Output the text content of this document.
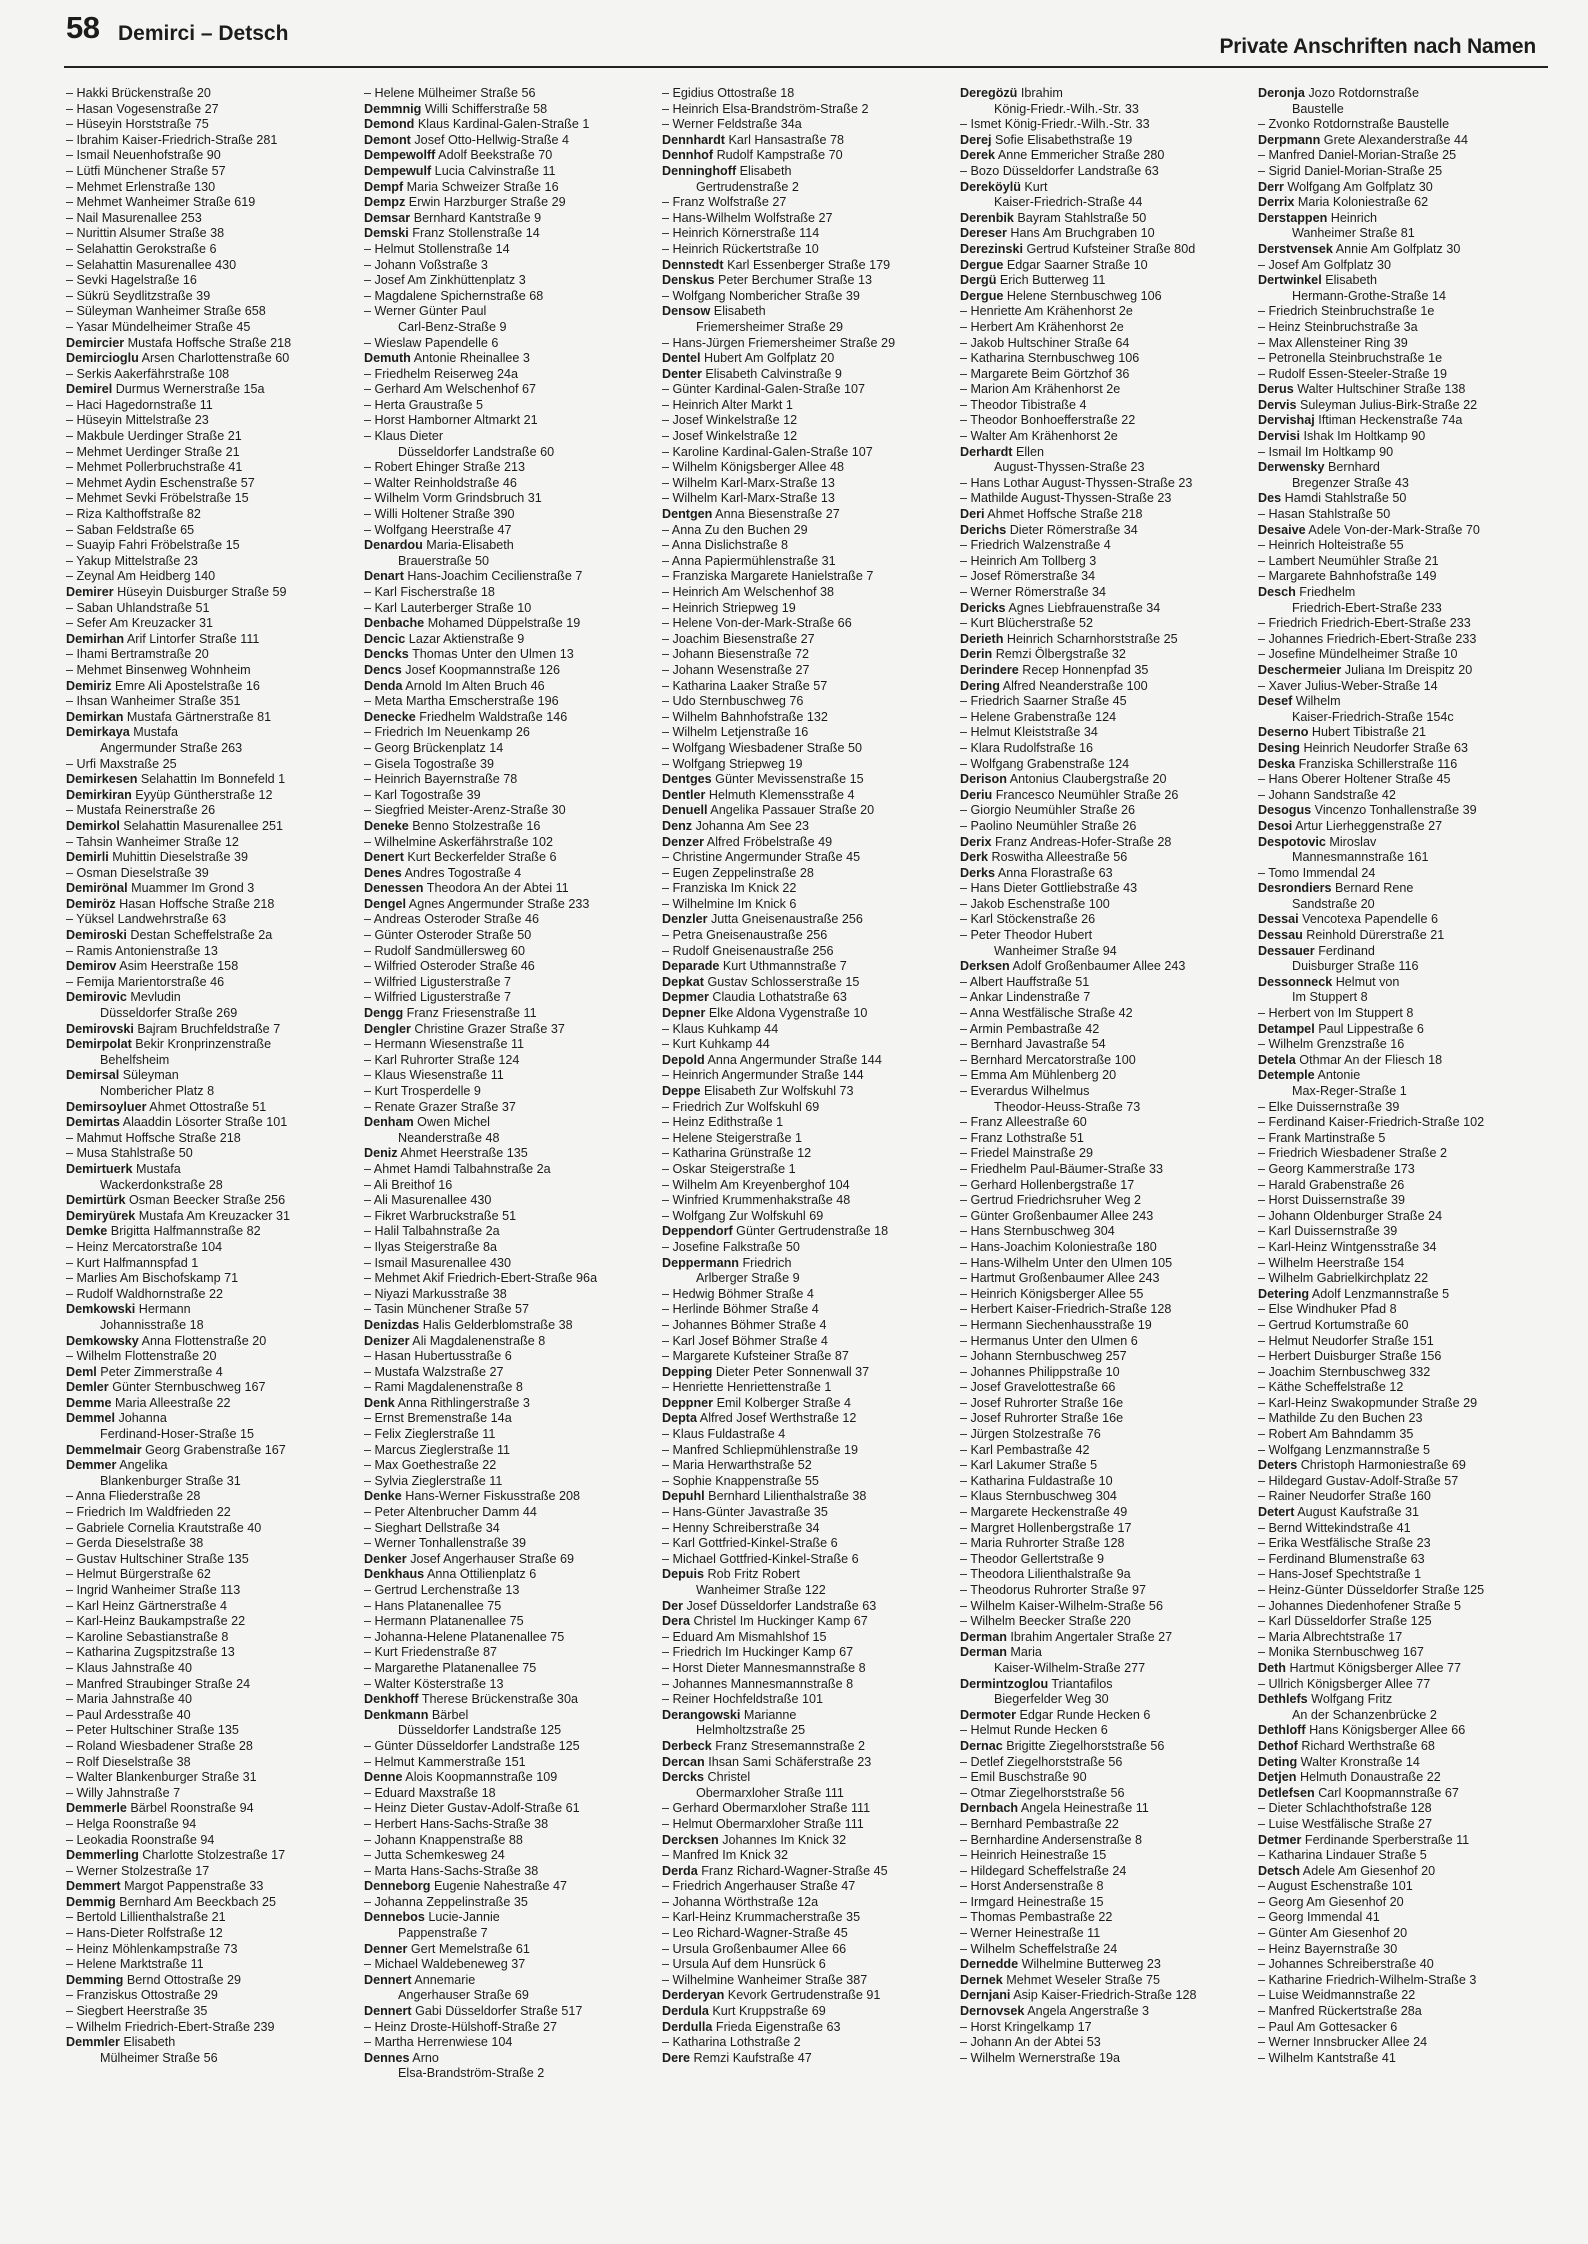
58 Demirci – Detsch
Private Anschriften nach Namen
– Hakki Brückenstraße 20
– Hasan Vogesenstraße 27
– Hüseyin Horststraße 75
– Ibrahim Kaiser-Friedrich-Straße 281
– Ismail Neuenhofstraße 90
– Lütfi Münchener Straße 57
– Mehmet Erlenstraße 130
– Mehmet Wanheimer Straße 619
– Nail Masurenallee 253
– Nurittin Alsumer Straße 38
– Selahattin Gerokstraße 6
– Selahattin Masurenallee 430
– Sevki Hagelstraße 16
– Sükrü Seydlitzstraße 39
– Süleyman Wanheimer Straße 658
– Yasar Mündelheimer Straße 45
Demircier Mustafa Hoffsche Straße 218
Demircioglu Arsen Charlottenstraße 60
– Serkis Aakerfährstraße 108
Demirel Durmus Wernerstraße 15a
– Haci Hagedornstraße 11
– Hüseyin Mittelstraße 23
– Makbule Uerdinger Straße 21
– Mehmet Uerdinger Straße 21
– Mehmet Pollerbruchstraße 41
– Mehmet Aydin Eschenstraße 57
– Mehmet Sevki Fröbelstraße 15
– Riza Kalthoffstraße 82
– Saban Feldstraße 65
– Suayip Fahri Fröbelstraße 15
– Yakup Mittelstraße 23
– Zeynal Am Heidberg 140
Demirer Hüseyin Duisburger Straße 59
– Saban Uhlandstraße 51
– Sefer Am Kreuzacker 31
Demirhan Arif Lintorfer Straße 111
– Ihami Bertramstraße 20
– Mehmet Binsenweg Wohnheim
Demiriz Emre Ali Apostelstraße 16
– Ihsan Wanheimer Straße 351
Demirkan Mustafa Gärtnerstraße 81
Demirkaya Mustafa
Angermunder Straße 263
– Urfi Maxstraße 25
Demirkesen Selahattin Im Bonnefeld 1
Demirkiran Eyyüp Güntherstraße 12
– Mustafa Reinerstraße 26
Demirkol Selahattin Masurenallee 251
– Tahsin Wanheimer Straße 12
Demirli Muhittin Dieselstraße 39
– Osman Dieselstraße 39
Demirönal Muammer Im Grond 3
Demiröz Hasan Hoffsche Straße 218
– Yüksel Landwehrstraße 63
Demiroski Destan Scheffelstraße 2a
– Ramis Antonienstraße 13
Demirov Asim Heerstraße 158
– Femija Marientorstraße 46
Demirovic Mevludin
Düsseldorfer Straße 269
Demirovski Bajram Bruchfeldstraße 7
Demirpolat Bekir Kronprinzenstraße
Behelfsheim
Demirsal Süleyman
Nombericher Platz 8
Demirsoyluer Ahmet Ottostraße 51
Demirtas Alaaddin Lösorter Straße 101
– Mahmut Hoffsche Straße 218
– Musa Stahlstraße 50
Demirtuerk Mustafa
Wackerdonkstraße 28
Demirtürk Osman Beecker Straße 256
Demiryürek Mustafa Am Kreuzacker 31
Demke Brigitta Halfmannstraße 82
– Heinz Mercatorstraße 104
– Kurt Halfmannspfad 1
– Marlies Am Bischofskamp 71
– Rudolf Waldhornstraße 22
Demkowski Hermann
Johannisstraße 18
Demkowsky Anna Flottenstraße 20
– Wilhelm Flottenstraße 20
Deml Peter Zimmerstraße 4
Demler Günter Sternbuschweg 167
Demme Maria Alleestraße 22
Demmel Johanna
Ferdinand-Hoser-Straße 15
Demmelmair Georg Grabenstraße 167
Demmer Angelika
Blankenburger Straße 31
– Anna Fliederstraße 28
– Friedrich Im Waldfrieden 22
– Gabriele Cornelia Krautstraße 40
– Gerda Dieselstraße 38
– Gustav Hultschiner Straße 135
– Helmut Bürgerstraße 62
– Ingrid Wanheimer Straße 113
– Karl Heinz Gärtnerstraße 4
– Karl-Heinz Baukampstraße 22
– Karoline Sebastianstraße 8
– Katharina Zugspitzstraße 13
– Klaus Jahnstraße 40
– Manfred Straubinger Straße 24
– Maria Jahnstraße 40
– Paul Ardesstraße 40
– Peter Hultschiner Straße 135
– Roland Wiesbadener Straße 28
– Rolf Dieselstraße 38
– Walter Blankenburger Straße 31
– Willy Jahnstraße 7
Demmerle Bärbel Roonstraße 94
– Helga Roonstraße 94
– Leokadia Roonstraße 94
Demmerling Charlotte Stolzestraße 17
– Werner Stolzestraße 17
Demmert Margot Pappenstraße 33
Demmig Bernhard Am Beeckbach 25
– Bertold Lillienthalstraße 21
– Hans-Dieter Rolfstraße 12
– Heinz Möhlenkampstraße 73
– Helene Marktstraße 11
Demming Bernd Ottostraße 29
– Franziskus Ottostraße 29
– Siegbert Heerstraße 35
– Wilhelm Friedrich-Ebert-Straße 239
Demmler Elisabeth
Mülheimer Straße 56
– Helene Mülheimer Straße 56
Demmnig Willi Schifferstraße 58
Demond Klaus Kardinal-Galen-Straße 1
Demont Josef Otto-Hellwig-Straße 4
Dempewolff Adolf Beekstraße 70
Dempewulf Lucia Calvinstraße 11
Dempf Maria Schweizer Straße 16
Dempz Erwin Harzburger Straße 29
Demsar Bernhard Kantstraße 9
Demski Franz Stollenstraße 14
– Helmut Stollenstraße 14
– Johann Voßstraße 3
– Josef Am Zinkhüttenplatz 3
– Magdalene Spichernstraße 68
– Werner Günter Paul
Carl-Benz-Straße 9
– Wieslaw Papendelle 6
Demuth Antonie Rheinallee 3
– Friedhelm Reiserweg 24a
– Gerhard Am Welschenhof 67
– Herta Graustraße 5
– Horst Hamborner Altmarkt 21
– Klaus Dieter
Düsseldorfer Landstraße 60
– Robert Ehinger Straße 213
– Walter Reinholdstraße 46
– Wilhelm Vorm Grindsbruch 31
– Willi Holtener Straße 390
– Wolfgang Heerstraße 47
Denardou Maria-Elisabeth
Brauerstraße 50
Denart Hans-Joachim Cecilienstraße 7
– Karl Fischerstraße 18
– Karl Lauterberger Straße 10
Denbache Mohamed Düppelstraße 19
Dencic Lazar Aktienstraße 9
Dencks Thomas Unter den Ulmen 13
Dencs Josef Koopmannstraße 126
Denda Arnold Im Alten Bruch 46
– Meta Martha Emscherstraße 196
Denecke Friedhelm Waldstraße 146
– Friedrich Im Neuenkamp 26
– Georg Brückenplatz 14
– Gisela Togostraße 39
– Heinrich Bayernstraße 78
– Karl Togostraße 39
– Siegfried Meister-Arenz-Straße 30
Deneke Benno Stolzestraße 16
– Wilhelmine Askerfährstraße 102
Denert Kurt Beckerfelder Straße 6
Denes Andres Togostraße 4
Denessen Theodora An der Abtei 11
Dengel Agnes Angermunder Straße 233
– Andreas Osteroder Straße 46
– Günter Osteroder Straße 50
– Rudolf Sandmüllersweg 60
– Wilfried Osteroder Straße 46
– Wilfried Ligusterstraße 7
– Wilfried Ligusterstraße 7
Dengg Franz Friesenstraße 11
Dengler Christine Grazer Straße 37
– Hermann Wiesenstraße 11
– Karl Ruhrorter Straße 124
– Klaus Wiesenstraße 11
– Kurt Trosperdelle 9
– Renate Grazer Straße 37
Denham Owen Michel
Neanderstraße 48
Deniz Ahmet Heerstraße 135
– Ahmet Hamdi Talbahnstraße 2a
– Ali Breithof 16
– Ali Masurenallee 430
– Fikret Warbruckstraße 51
– Halil Talbahnstraße 2a
– Ilyas Steigerstraße 8a
– Ismail Masurenallee 430
– Mehmet Akif Friedrich-Ebert-Straße 96a
– Niyazi Markusstraße 38
– Tasin Münchener Straße 57
Denizdas Halis Gelderblomstraße 38
Denizer Ali Magdalenenstraße 8
– Hasan Hubertusstraße 6
– Mustafa Walzstraße 27
– Rami Magdalenenstraße 8
Denk Anna Rithlingerstraße 3
– Ernst Bremenstraße 14a
– Felix Zieglerstraße 11
– Marcus Zieglerstraße 11
– Max Goethestraße 22
– Sylvia Zieglerstraße 11
Denke Hans-Werner Fiskusstraße 208
– Peter Altenbrucher Damm 44
– Sieghart Dellstraße 34
– Werner Tonhallenstraße 39
Denker Josef Angerhauser Straße 69
Denkhaus Anna Ottilienplatz 6
– Gertrud Lerchenstraße 13
– Hans Platanenallee 75
– Hermann Platanenallee 75
– Johanna-Helene Platanenallee 75
– Kurt Friedenstraße 87
– Margarethe Platanenallee 75
– Walter Kösterstraße 13
Denkhoff Therese Brückenstraße 30a
Denkmann Bärbel
Düsseldorfer Landstraße 125
– Günter Düsseldorfer Landstraße 125
– Helmut Kammerstraße 151
Denne Alois Koopmannstraße 109
– Eduard Maxstraße 18
– Heinz Dieter Gustav-Adolf-Straße 61
– Herbert Hans-Sachs-Straße 38
– Johann Knappenstraße 88
– Jutta Schemkesweg 24
– Marta Hans-Sachs-Straße 38
Denneborg Eugenie Nahestraße 47
– Johanna Zeppelinstraße 35
Dennebos Lucie-Jannie
Pappenstraße 7
Denner Gert Memelstraße 61
– Michael Waldebeneweg 37
Dennert Annemarie
Angerhauser Straße 69
Dennert Gabi Düsseldorfer Straße 517
– Heinz Droste-Hülshoff-Straße 27
– Martha Herrenwiese 104
Dennes Arno
Elsa-Brandström-Straße 2
– Egidius Ottostraße 18
– Heinrich Elsa-Brandström-Straße 2
– Werner Feldstraße 34a
Dennhardt Karl Hansastraße 78
Dennhof Rudolf Kampstraße 70
Denninghoff Elisabeth
Gertrudenstraße 2
– Franz Wolfstraße 27
– Hans-Wilhelm Wolfstraße 27
– Heinrich Körnerstraße 114
– Heinrich Rückertstraße 10
Dennstedt Karl Essenberger Straße 179
Denskus Peter Berchumer Straße 13
– Wolfgang Nombericher Straße 39
Densow Elisabeth
Friemersheimer Straße 29
– Hans-Jürgen Friemersheimer Straße 29
Dentel Hubert Am Golfplatz 20
Denter Elisabeth Calvinstraße 9
– Günter Kardinal-Galen-Straße 107
– Heinrich Alter Markt 1
– Josef Winkelstraße 12
– Josef Winkelstraße 12
– Karoline Kardinal-Galen-Straße 107
– Wilhelm Königsberger Allee 48
– Wilhelm Karl-Marx-Straße 13
– Wilhelm Karl-Marx-Straße 13
Dentgen Anna Biesenstraße 27
– Anna Zu den Buchen 29
– Anna Dislichstraße 8
– Anna Papiermühlenstraße 31
– Franziska Margarete Hanielstraße 7
– Heinrich Am Welschenhof 38
– Heinrich Striepweg 19
– Helene Von-der-Mark-Straße 66
– Joachim Biesenstraße 27
– Johann Biesenstraße 72
– Johann Wesenstraße 27
– Katharina Laaker Straße 57
– Udo Sternbuschweg 76
– Wilhelm Bahnhofstraße 132
– Wilhelm Letjenstraße 16
– Wolfgang Wiesbadener Straße 50
– Wolfgang Striepweg 19
Dentges Günter Mevissenstraße 15
Dentler Helmuth Klemensstraße 4
Denuell Angelika Passauer Straße 20
Denz Johanna Am See 23
Denzer Alfred Fröbelstraße 49
– Christine Angermunder Straße 45
– Eugen Zeppelinstraße 28
– Franziska Im Knick 22
– Wilhelmine Im Knick 6
Denzler Jutta Gneisenaustraße 256
– Petra Gneisenaustraße 256
– Rudolf Gneisenaustraße 256
Deparade Kurt Uthmannstraße 7
Depkat Gustav Schlosserstraße 15
Depmer Claudia Lothatstraße 63
Depner Elke Aldona Vygenstraße 10
– Klaus Kuhkamp 44
– Kurt Kuhkamp 44
Depold Anna Angermunder Straße 144
– Heinrich Angermunder Straße 144
Deppe Elisabeth Zur Wolfskuhl 73
– Friedrich Zur Wolfskuhl 69
– Heinz Edithstraße 1
– Helene Steigerstraße 1
– Katharina Grünstraße 12
– Oskar Steigerstraße 1
– Wilhelm Am Kreyenberghof 104
– Winfried Krummenhakstraße 48
– Wolfgang Zur Wolfskuhl 69
Deppendorf Günter Gertrudenstraße 18
– Josefine Falkstraße 50
Deppermann Friedrich
Arlberger Straße 9
– Hedwig Böhmer Straße 4
– Herlinde Böhmer Straße 4
– Johannes Böhmer Straße 4
– Karl Josef Böhmer Straße 4
– Margarete Kufsteiner Straße 87
Depping Dieter Peter Sonnenwall 37
– Henriette Henriettenstraße 1
Deppner Emil Kolberger Straße 4
Depta Alfred Josef Werthstraße 12
– Klaus Fuldastraße 4
– Manfred Schliepmühlenstraße 19
– Maria Herwarthstraße 52
– Sophie Knappenstraße 55
Depuhl Bernhard Lilienthalstraße 38
– Hans-Günter Javastraße 35
– Henny Schreiberstraße 34
– Karl Gottfried-Kinkel-Straße 6
– Michael Gottfried-Kinkel-Straße 6
Depuis Rob Fritz Robert
Wanheimer Straße 122
Der Josef Düsseldorfer Landstraße 63
Dera Christel Im Huckinger Kamp 67
– Eduard Am Mismahlshof 15
– Friedrich Im Huckinger Kamp 67
– Horst Dieter Mannesmannstraße 8
– Johannes Mannesmannstraße 8
– Reiner Hochfeldstraße 101
Derangowski Marianne
Helmholtzstraße 25
Derbeck Franz Stresemannstraße 2
Dercan Ihsan Sami Schäferstraße 23
Dercks Christel
Obermarxloher Straße 111
– Gerhard Obermarxloher Straße 111
– Helmut Obermarxloher Straße 111
Dercksen Johannes Im Knick 32
– Manfred Im Knick 32
Derda Franz Richard-Wagner-Straße 45
– Friedrich Angerhauser Straße 47
– Johanna Wörthstraße 12a
– Karl-Heinz Krummacherstraße 35
– Leo Richard-Wagner-Straße 45
– Ursula Großenbaumer Allee 66
– Ursula Auf dem Hunsrück 6
– Wilhelmine Wanheimer Straße 387
Derderyan Kevork Gertrudenstraße 91
Derdula Kurt Kruppstraße 69
Derdulla Frieda Eigenstraße 63
– Katharina Lothstraße 2
Dere Remzi Kaufstraße 47
Deregözü Ibrahim
König-Friedr.-Wilh.-Str. 33
– Ismet König-Friedr.-Wilh.-Str. 33
Derej Sofie Elisabethstraße 19
Derek Anne Emmericher Straße 280
– Bozo Düsseldorfer Landstraße 63
Dereköylü Kurt
Kaiser-Friedrich-Straße 44
Derenbik Bayram Stahlstraße 50
Dereser Hans Am Bruchgraben 10
Derezinski Gertrud Kufsteiner Straße 80d
Dergue Edgar Saarner Straße 10
Dergü Erich Butterweg 11
Dergue Helene Sternbuschweg 106
– Henriette Am Krähenhorst 2e
– Herbert Am Krähenhorst 2e
– Jakob Hultschiner Straße 64
– Katharina Sternbuschweg 106
– Margarete Beim Görtzhof 36
– Marion Am Krähenhorst 2e
– Theodor Tibistraße 4
– Theodor Bonhoefferstraße 22
– Walter Am Krähenhorst 2e
Derhardt Ellen
August-Thyssen-Straße 23
– Hans Lothar August-Thyssen-Straße 23
– Mathilde August-Thyssen-Straße 23
Deri Ahmet Hoffsche Straße 218
Derichs Dieter Römerstraße 34
– Friedrich Walzenstraße 4
– Heinrich Am Tollberg 3
– Josef Römerstraße 34
– Werner Römerstraße 34
Dericks Agnes Liebfrauenstraße 34
– Kurt Blücherstraße 52
Derieth Heinrich Scharnhorststraße 25
Derin Remzi Ölbergstraße 32
Derindere Recep Honnenpfad 35
Dering Alfred Neanderstraße 100
– Friedrich Saarner Straße 45
– Helene Grabenstraße 124
– Helmut Kleiststraße 34
– Klara Rudolfstraße 16
– Wolfgang Grabenstraße 124
Derison Antonius Claubergstraße 20
Deriu Francesco Neumühler Straße 26
– Giorgio Neumühler Straße 26
– Paolino Neumühler Straße 26
Derix Franz Andreas-Hofer-Straße 28
Derk Roswitha Alleestraße 56
Derks Anna Florastraße 63
– Hans Dieter Gottliebstraße 43
– Jakob Eschenstraße 100
– Karl Stöckenstraße 26
– Peter Theodor Hubert
Wanheimer Straße 94
Derksen Adolf Großenbaumer Allee 243
– Albert Hauffstraße 51
– Ankar Lindenstraße 7
– Anna Westfälische Straße 42
– Armin Pembastraße 42
– Bernhard Javastraße 54
– Bernhard Mercatorstraße 100
– Emma Am Mühlenberg 20
– Everardus Wilhelmus
Theodor-Heuss-Straße 73
– Franz Alleestraße 60
– Franz Lothstraße 51
– Friedel Mainstraße 29
– Friedhelm Paul-Bäumer-Straße 33
– Gerhard Hollenbergstraße 17
– Gertrud Friedrichsruher Weg 2
– Günter Großenbaumer Allee 243
– Hans Sternbuschweg 304
– Hans-Joachim Koloniestraße 180
– Hans-Wilhelm Unter den Ulmen 105
– Hartmut Großenbaumer Allee 243
– Heinrich Königsberger Allee 55
– Herbert Kaiser-Friedrich-Straße 128
– Hermann Siechenhausstraße 19
– Hermanus Unter den Ulmen 6
– Johann Sternbuschweg 257
– Johannes Philippstraße 10
– Josef Gravelottestraße 66
– Josef Ruhrorter Straße 16e
– Josef Ruhrorter Straße 16e
– Jürgen Stolzestraße 76
– Karl Pembastraße 42
– Karl Lakumer Straße 5
– Katharina Fuldastraße 10
– Klaus Sternbuschweg 304
– Margarete Heckenstraße 49
– Margret Hollenbergstraße 17
– Maria Ruhrorter Straße 128
– Theodor Gellertstraße 9
– Theodora Lilienthalstraße 9a
– Theodorus Ruhrorter Straße 97
– Wilhelm Kaiser-Wilhelm-Straße 56
– Wilhelm Beecker Straße 220
Derman Ibrahim Angertaler Straße 27
Derman Maria
Kaiser-Wilhelm-Straße 277
Dermintzoglou Triantafilos
Biegerfelder Weg 30
Dermoter Edgar Runde Hecken 6
– Helmut Runde Hecken 6
Dernac Brigitte Ziegelhorststraße 56
– Detlef Ziegelhorststraße 56
– Emil Buschstraße 90
– Otmar Ziegelhorststraße 56
Dernbach Angela Heinestraße 11
– Bernhard Pembastraße 22
– Bernhardine Andersenstraße 8
– Heinrich Heinestraße 15
– Hildegard Scheffelstraße 24
– Horst Andersenstraße 8
– Irmgard Heinestraße 15
– Thomas Pembastraße 22
– Werner Heinestraße 11
– Wilhelm Scheffelstraße 24
Dernedde Wilhelmine Butterweg 23
Dernek Mehmet Weseler Straße 75
Dernjani Asip Kaiser-Friedrich-Straße 128
Dernovsek Angela Angerstraße 3
– Horst Kringelkamp 17
– Johann An der Abtei 53
– Wilhelm Wernerstraße 19a
Deronja Jozo Rotdornstraße
Baustelle
– Zvonko Rotdornstraße Baustelle
Derpmann Grete Alexanderstraße 44
– Manfred Daniel-Morian-Straße 25
– Sigrid Daniel-Morian-Straße 25
Derr Wolfgang Am Golfplatz 30
Derrix Maria Koloniestraße 62
Derstappen Heinrich
Wanheimer Straße 81
Derstvensek Annie Am Golfplatz 30
– Josef Am Golfplatz 30
Dertwinkel Elisabeth
Hermann-Grothe-Straße 14
– Friedrich Steinbruchstraße 1e
– Heinz Steinbruchstraße 3a
– Max Allensteiner Ring 39
– Petronella Steinbruchstraße 1e
– Rudolf Essen-Steeler-Straße 19
Derus Walter Hultschiner Straße 138
Dervis Suleyman Julius-Birk-Straße 22
Dervishaj Iftiman Heckenstraße 74a
Dervisi Ishak Im Holtkamp 90
– Ismail Im Holtkamp 90
Derwensky Bernhard
Bregenzer Straße 43
Des Hamdi Stahlstraße 50
– Hasan Stahlstraße 50
Desaive Adele Von-der-Mark-Straße 70
– Heinrich Holteistraße 55
– Lambert Neumühler Straße 21
– Margarete Bahnhofstraße 149
Desch Friedhelm
Friedrich-Ebert-Straße 233
– Friedrich Friedrich-Ebert-Straße 233
– Johannes Friedrich-Ebert-Straße 233
– Josefine Mündelheimer Straße 10
Deschermeier Juliana Im Dreispitz 20
– Xaver Julius-Weber-Straße 14
Desef Wilhelm
Kaiser-Friedrich-Straße 154c
Deserno Hubert Tibistraße 21
Desing Heinrich Neudorfer Straße 63
Deska Franziska Schillerstraße 116
– Hans Oberer Holtener Straße 45
– Johann Sandstraße 42
Desogus Vincenzo Tonhallenstraße 39
Desoi Artur Lierheggenstraße 27
Despotovic Miroslav
Mannesmannstraße 161
– Tomo Immendal 24
Desrondiers Bernard Rene
Sandstraße 20
Dessai Vencotexa Papendelle 6
Dessau Reinhold Dürerstraße 21
Dessauer Ferdinand
Duisburger Straße 116
Dessonneck Helmut von
Im Stuppert 8
– Herbert von Im Stuppert 8
Detampel Paul Lippestraße 6
– Wilhelm Grenzstraße 16
Detela Othmar An der Fliesch 18
Detemple Antonie
Max-Reger-Straße 1
– Elke Duissernstraße 39
– Ferdinand Kaiser-Friedrich-Straße 102
– Frank Martinstraße 5
– Friedrich Wiesbadener Straße 2
– Georg Kammerstraße 173
– Harald Grabenstraße 26
– Horst Duissernstraße 39
– Johann Oldenburger Straße 24
– Karl Duissernstraße 39
– Karl-Heinz Wintgensstraße 34
– Wilhelm Heerstraße 154
– Wilhelm Gabrielkirchplatz 22
Detering Adolf Lenzmannstraße 5
– Else Windhuker Pfad 8
– Gertrud Kortumstraße 60
– Helmut Neudorfer Straße 151
– Herbert Duisburger Straße 156
– Joachim Sternbuschweg 332
– Käthe Scheffelstraße 12
– Karl-Heinz Swakopmunder Straße 29
– Mathilde Zu den Buchen 23
– Robert Am Bahndamm 35
– Wolfgang Lenzmannstraße 5
Deters Christoph Harmoniestraße 69
– Hildegard Gustav-Adolf-Straße 57
– Rainer Neudorfer Straße 160
Detert August Kaufstraße 31
– Bernd Wittekindstraße 41
– Erika Westfälische Straße 23
– Ferdinand Blumenstraße 63
– Hans-Josef Spechtstraße 1
– Heinz-Günter Düsseldorfer Straße 125
– Johannes Diedenhofener Straße 5
– Karl Düsseldorfer Straße 125
– Maria Albrechtstraße 17
– Monika Sternbuschweg 167
Deth Hartmut Königsberger Allee 77
– Ullrich Königsberger Allee 77
Dethlefs Wolfgang Fritz
An der Schanzenbrücke 2
Dethloff Hans Königsberger Allee 66
Dethof Richard Werthstraße 68
Deting Walter Kronstraße 14
Detjen Helmuth Donaustraße 22
Detlefsen Carl Koopmannstraße 67
– Dieter Schlachthofstraße 128
– Luise Westfälische Straße 27
Detmer Ferdinande Sperberstraße 11
– Katharina Lindauer Straße 5
Detsch Adele Am Giesenhof 20
– August Eschenstraße 101
– Georg Am Giesenhof 20
– Georg Immendal 41
– Günter Am Giesenhof 20
– Heinz Bayernstraße 30
– Johannes Schreiberstraße 40
– Katharine Friedrich-Wilhelm-Straße 3
– Luise Weidmannstraße 22
– Manfred Rückertstraße 28a
– Paul Am Gottesacker 6
– Werner Innsbrucker Allee 24
– Wilhelm Kantstraße 41
